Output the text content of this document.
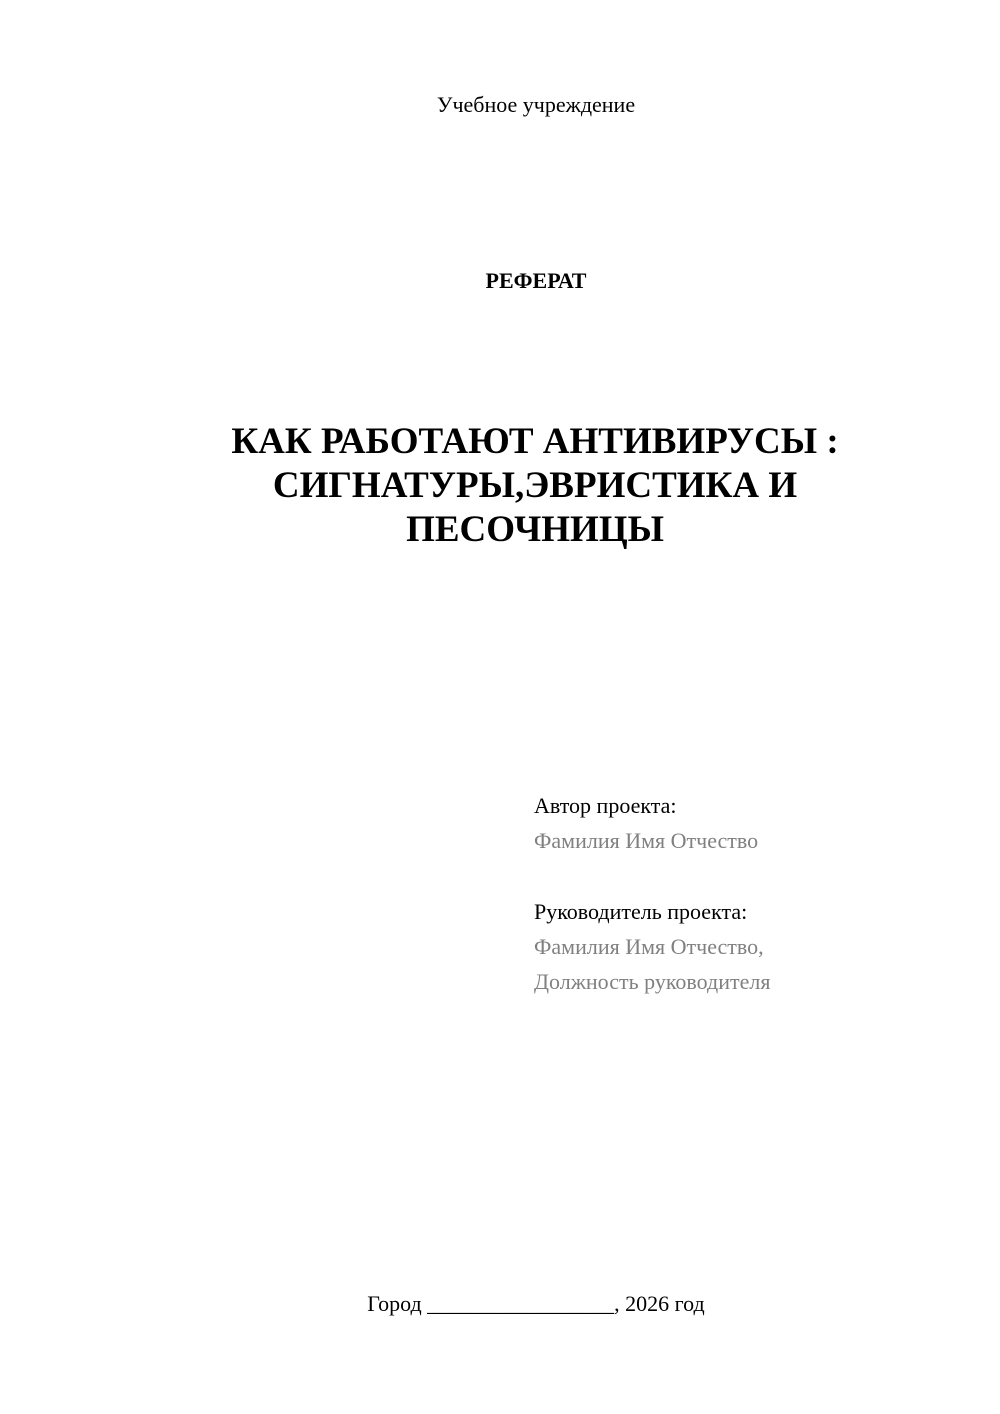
Учебное учреждение
РЕФЕРАТ
КАК РАБОТАЮТ АНТИВИРУСЫ :
СИГНАТУРЫ,ЭВРИСТИКА И
ПЕСОЧНИЦЫ
Автор проекта:
Фамилия Имя Отчество
Руководитель проекта:
Фамилия Имя Отчество,
Должность руководителя
Город _________________, 2026 год
